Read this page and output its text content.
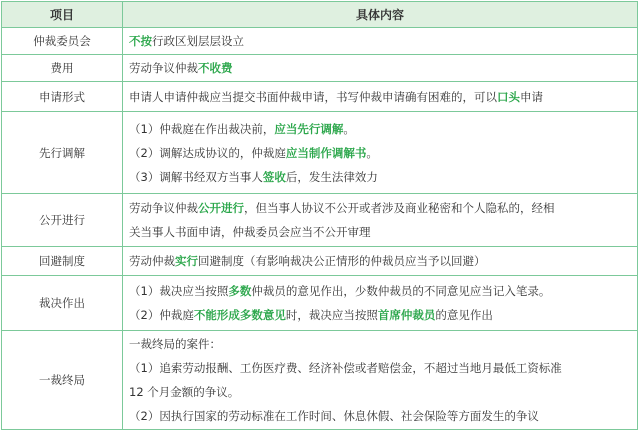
项目	具体内容
仲裁委员会	不按行政区划层层设立

费用	劳动争议仲裁不收费

申请形式	申请人申请仲裁应当提交书面仲裁申请，书写仲裁申请确有困难的，可以口头申请

先行调解	（1）仲裁庭在作出裁决前，应当先行调解。
（2）调解达成协议的，仲裁庭应当制作调解书。
（3）调解书经双方当事人签收后，发生法律效力

公开进行	劳动争议仲裁公开进行，但当事人协议不公开或者涉及商业秘密和个人隐私的，经相
关当事人书面申请，仲裁委员会应当不公开审理

回避制度	劳动仲裁实行回避制度（有影响裁决公正情形的仲裁员应当予以回避）

裁决作出	（1）裁决应当按照多数仲裁员的意见作出，少数仲裁员的不同意见应当记入笔录。
（2）仲裁庭不能形成多数意见时，裁决应当按照首席仲裁员的意见作出

一裁终局	一裁终局的案件：
（1）追索劳动报酬、工伤医疗费、经济补偿或者赔偿金，不超过当地月最低工资标准
12 个月金额的争议。
（2）因执行国家的劳动标准在工作时间、休息休假、社会保险等方面发生的争议
